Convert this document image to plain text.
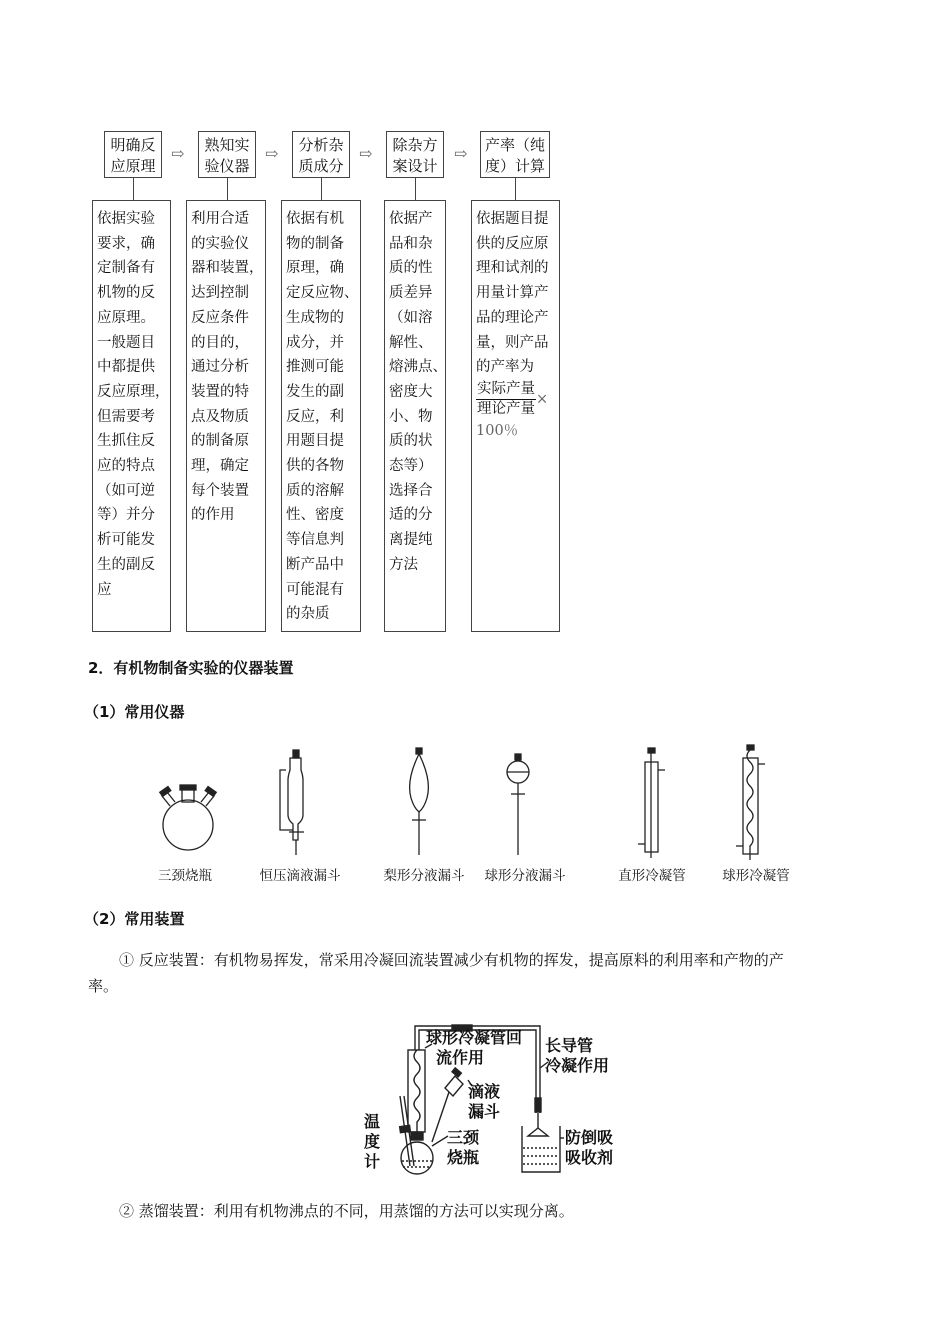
明确反
应原理
熟知实
验仪器
分析杂
质成分
除杂方
案设计
产率（纯
度）计算
⇨	⇨	⇨	⇨
依据实验
要求，确
定制备有
机物的反
应原理。
一般题目
中都提供
反应原理，
但需要考
生抓住反
应的特点
（如可逆
等）并分
析可能发
生的副反
应
利用合适
的实验仪
器和装置，
达到控制
反应条件
的目的，
通过分析
装置的特
点及物质
的制备原
理，确定
每个装置
的作用
依据有机
物的制备
原理，确
定反应物、
生成物的
成分，并
推测可能
发生的副
反应，利
用题目提
供的各物
质的溶解
性、密度
等信息判
断产品中
可能混有
的杂质
依据产
品和杂
质的性
质差异
（如溶
解性、
熔沸点、
密度大
小、物
质的状
态等）
选择合
适的分
离提纯
方法
依据题目提
供的反应原
理和试剂的
用量计算产
品的理论产
量，则产品
的产率为
$\frac{\text{实际产量}}{\text{理论产量}}$ ×
100％
2．有机物制备实验的仪器装置
（1）常用仪器
三颈烧瓶	恒压滴液漏斗	梨形分液漏斗	球形分液漏斗	直形冷凝管	球形冷凝管
（2）常用装置
① 反应装置：有机物易挥发，常采用冷凝回流装置减少有机物的挥发，提高原料的利用率和产物的产
率。
球形冷凝管回
流作用
长导管
冷凝作用
滴液
漏斗
温
度
计
三颈
烧瓶
防倒吸
吸收剂
② 蒸馏装置：利用有机物沸点的不同，用蒸馏的方法可以实现分离。
